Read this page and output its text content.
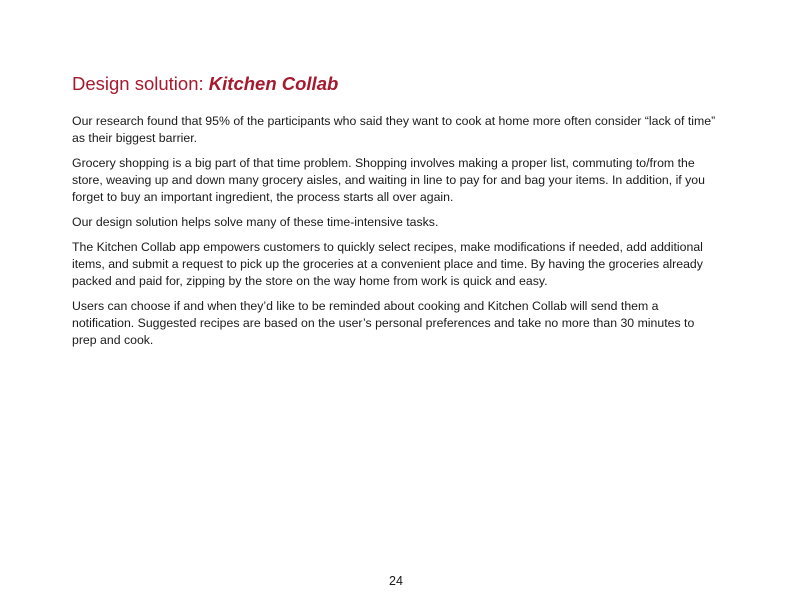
Design solution: Kitchen Collab

Our research found that 95% of the participants who said they want to cook at home more often consider “lack of time” as their biggest barrier.

Grocery shopping is a big part of that time problem. Shopping involves making a proper list, commuting to/from the store, weaving up and down many grocery aisles, and waiting in line to pay for and bag your items. In addition, if you forget to buy an important ingredient, the process starts all over again.

Our design solution helps solve many of these time-intensive tasks.

The Kitchen Collab app empowers customers to quickly select recipes, make modifications if needed, add additional items, and submit a request to pick up the groceries at a convenient place and time. By having the groceries already packed and paid for, zipping by the store on the way home from work is quick and easy.

Users can choose if and when they’d like to be reminded about cooking and Kitchen Collab will send them a notification. Suggested recipes are based on the user’s personal preferences and take no more than 30 minutes to prep and cook.

24
